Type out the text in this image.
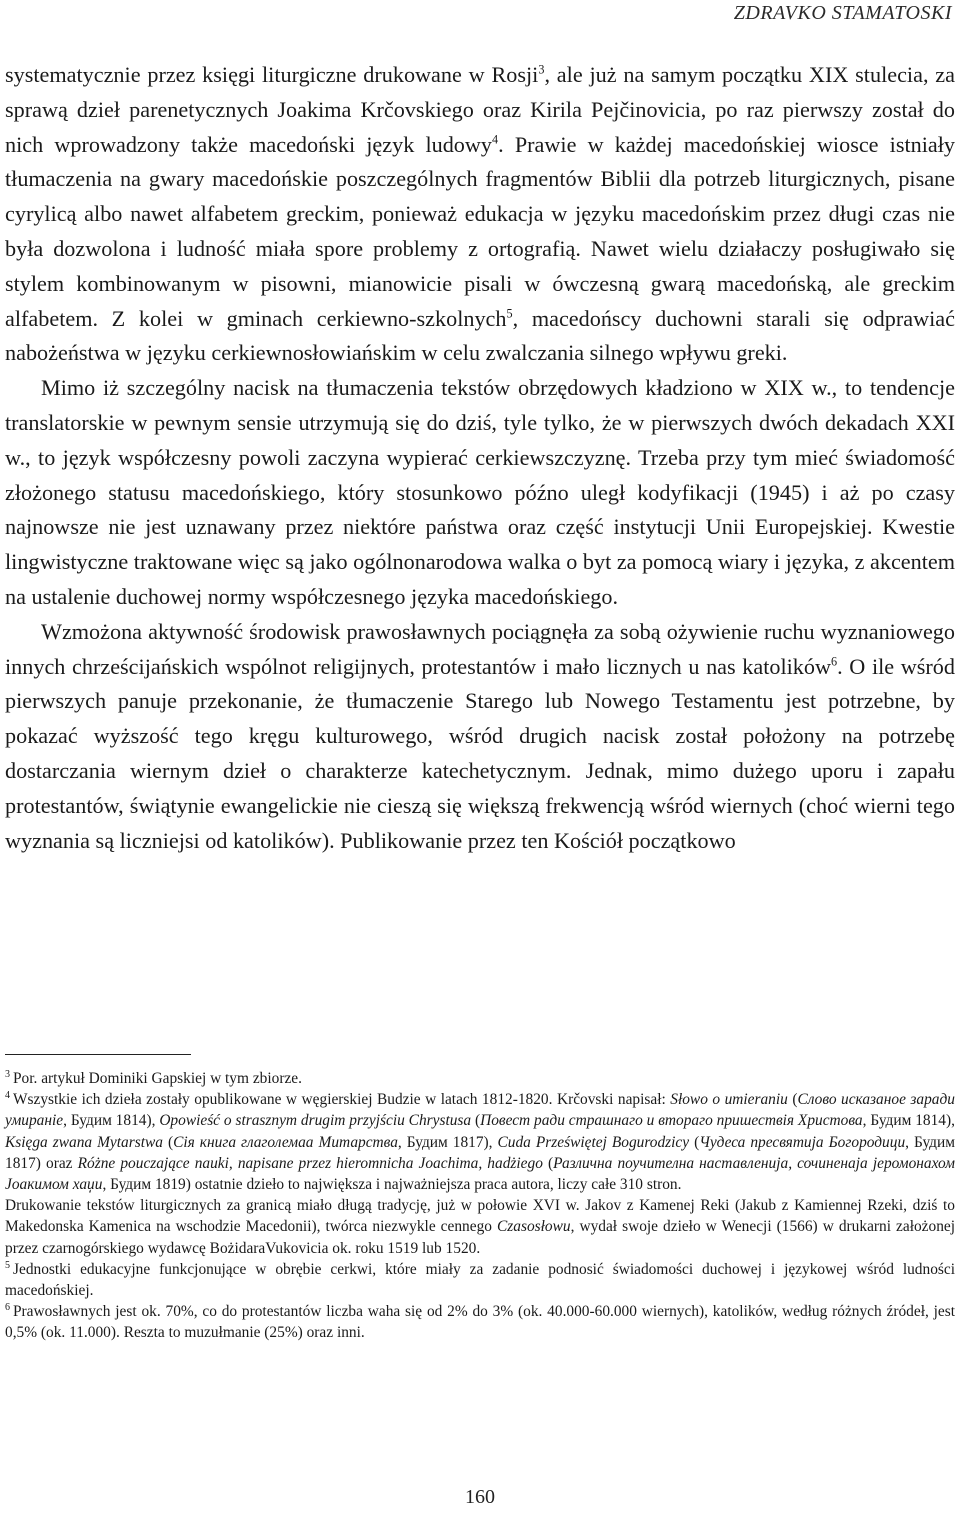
ZDRAVKO STAMATOSKI

systematycznie przez księgi liturgiczne drukowane w Rosji$^3$, ale już na samym początku XIX stulecia, za sprawą dzieł parenetycznych Joakima Krčovskiego oraz Kirila Pejčinovicia, po raz pierwszy został do nich wprowadzony także macedoński język ludowy$^4$. Prawie w każdej macedońskiej wiosce istniały tłumaczenia na gwary macedońskie poszczególnych fragmentów Biblii dla potrzeb liturgicznych, pisane cyrylicą albo nawet alfabetem greckim, ponieważ edukacja w języku macedońskim przez długi czas nie była dozwolona i ludność miała spore problemy z ortografią. Nawet wielu działaczy posługiwało się stylem kombinowanym w pisowni, mianowicie pisali w ówczesną gwarą macedońską, ale greckim alfabetem. Z kolei w gminach cerkiewno-szkolnych$^5$, macedońscy duchowni starali się odprawiać nabożeństwa w języku cerkiewnosłowiańskim w celu zwalczania silnego wpływu greki.

Mimo iż szczególny nacisk na tłumaczenia tekstów obrzędowych kładziono w XIX w., to tendencje translatorskie w pewnym sensie utrzymują się do dziś, tyle tylko, że w pierwszych dwóch dekadach XXI w., to język współczesny powoli zaczyna wypierać cerkiewszczyznę. Trzeba przy tym mieć świadomość złożonego statusu macedońskiego, który stosunkowo późno uległ kodyfikacji (1945) i aż po czasy najnowsze nie jest uznawany przez niektóre państwa oraz część instytucji Unii Europejskiej. Kwestie lingwistyczne traktowane więc są jako ogólnonarodowa walka o byt za pomocą wiary i języka, z akcentem na ustalenie duchowej normy współczesnego języka macedońskiego.

Wzmożona aktywność środowisk prawosławnych pociągnęła za sobą ożywienie ruchu wyznaniowego innych chrześcijańskich wspólnot religijnych, protestantów i mało licznych u nas katolików$^6$. O ile wśród pierwszych panuje przekonanie, że tłumaczenie Starego lub Nowego Testamentu jest potrzebne, by pokazać wyższość tego kręgu kulturowego, wśród drugich nacisk został położony na potrzebę dostarczania wiernym dzieł o charakterze katechetycznym. Jednak, mimo dużego uporu i zapału protestantów, świątynie ewangelickie nie cieszą się większą frekwencją wśród wiernych (choć wierni tego wyznania są liczniejsi od katolików). Publikowanie przez ten Kościół początkowo

$^3$ Por. artykuł Dominiki Gapskiej w tym zbiorze.

$^4$ Wszystkie ich dzieła zostały opublikowane w węgierskiej Budzie w latach 1812-1820. Krčovski napisał: Słowo o umieraniu (Слово исказаное заради умиранiе, Будим 1814), Opowieść o strasznym drugim przyjściu Chrystusa (Повест ради страшнаго и втораго пришествiя Христова, Будим 1814), Księga zwana Mytarstwa (Сiя книга глаголемаа Митарства, Будим 1817), Cuda Przeświętej Bogurodzicy (Чудеса пресвятија Богородици, Будим 1817) oraz Różne pouczające nauki, napisane przez hieromnicha Joachima, hadżiego (Различна поучителна наставленија, сочиненаја јеромонахом Јоакимом хаџи, Будим 1819) ostatnie dzieło to największa i najważniejsza praca autora, liczy całe 310 stron.

Drukowanie tekstów liturgicznych za granicą miało długą tradycję, już w połowie XVI w. Jakov z Kamenej Reki (Jakub z Kamiennej Rzeki, dziś to Makedonska Kamenica na wschodzie Macedonii), twórca niezwykle cennego Czasosłowu, wydał swoje dzieło w Wenecji (1566) w drukarni założonej przez czarnogórskiego wydawcę BożidaraVukovicia ok. roku 1519 lub 1520.

$^5$ Jednostki edukacyjne funkcjonujące w obrębie cerkwi, które miały za zadanie podnosić świadomości duchowej i językowej wśród ludności macedońskiej.

$^6$ Prawosławnych jest ok. 70%, co do protestantów liczba waha się od 2% do 3% (ok. 40.000-60.000 wiernych), katolików, według różnych źródeł, jest 0,5% (ok. 11.000). Reszta to muzułmanie (25%) oraz inni.

160
